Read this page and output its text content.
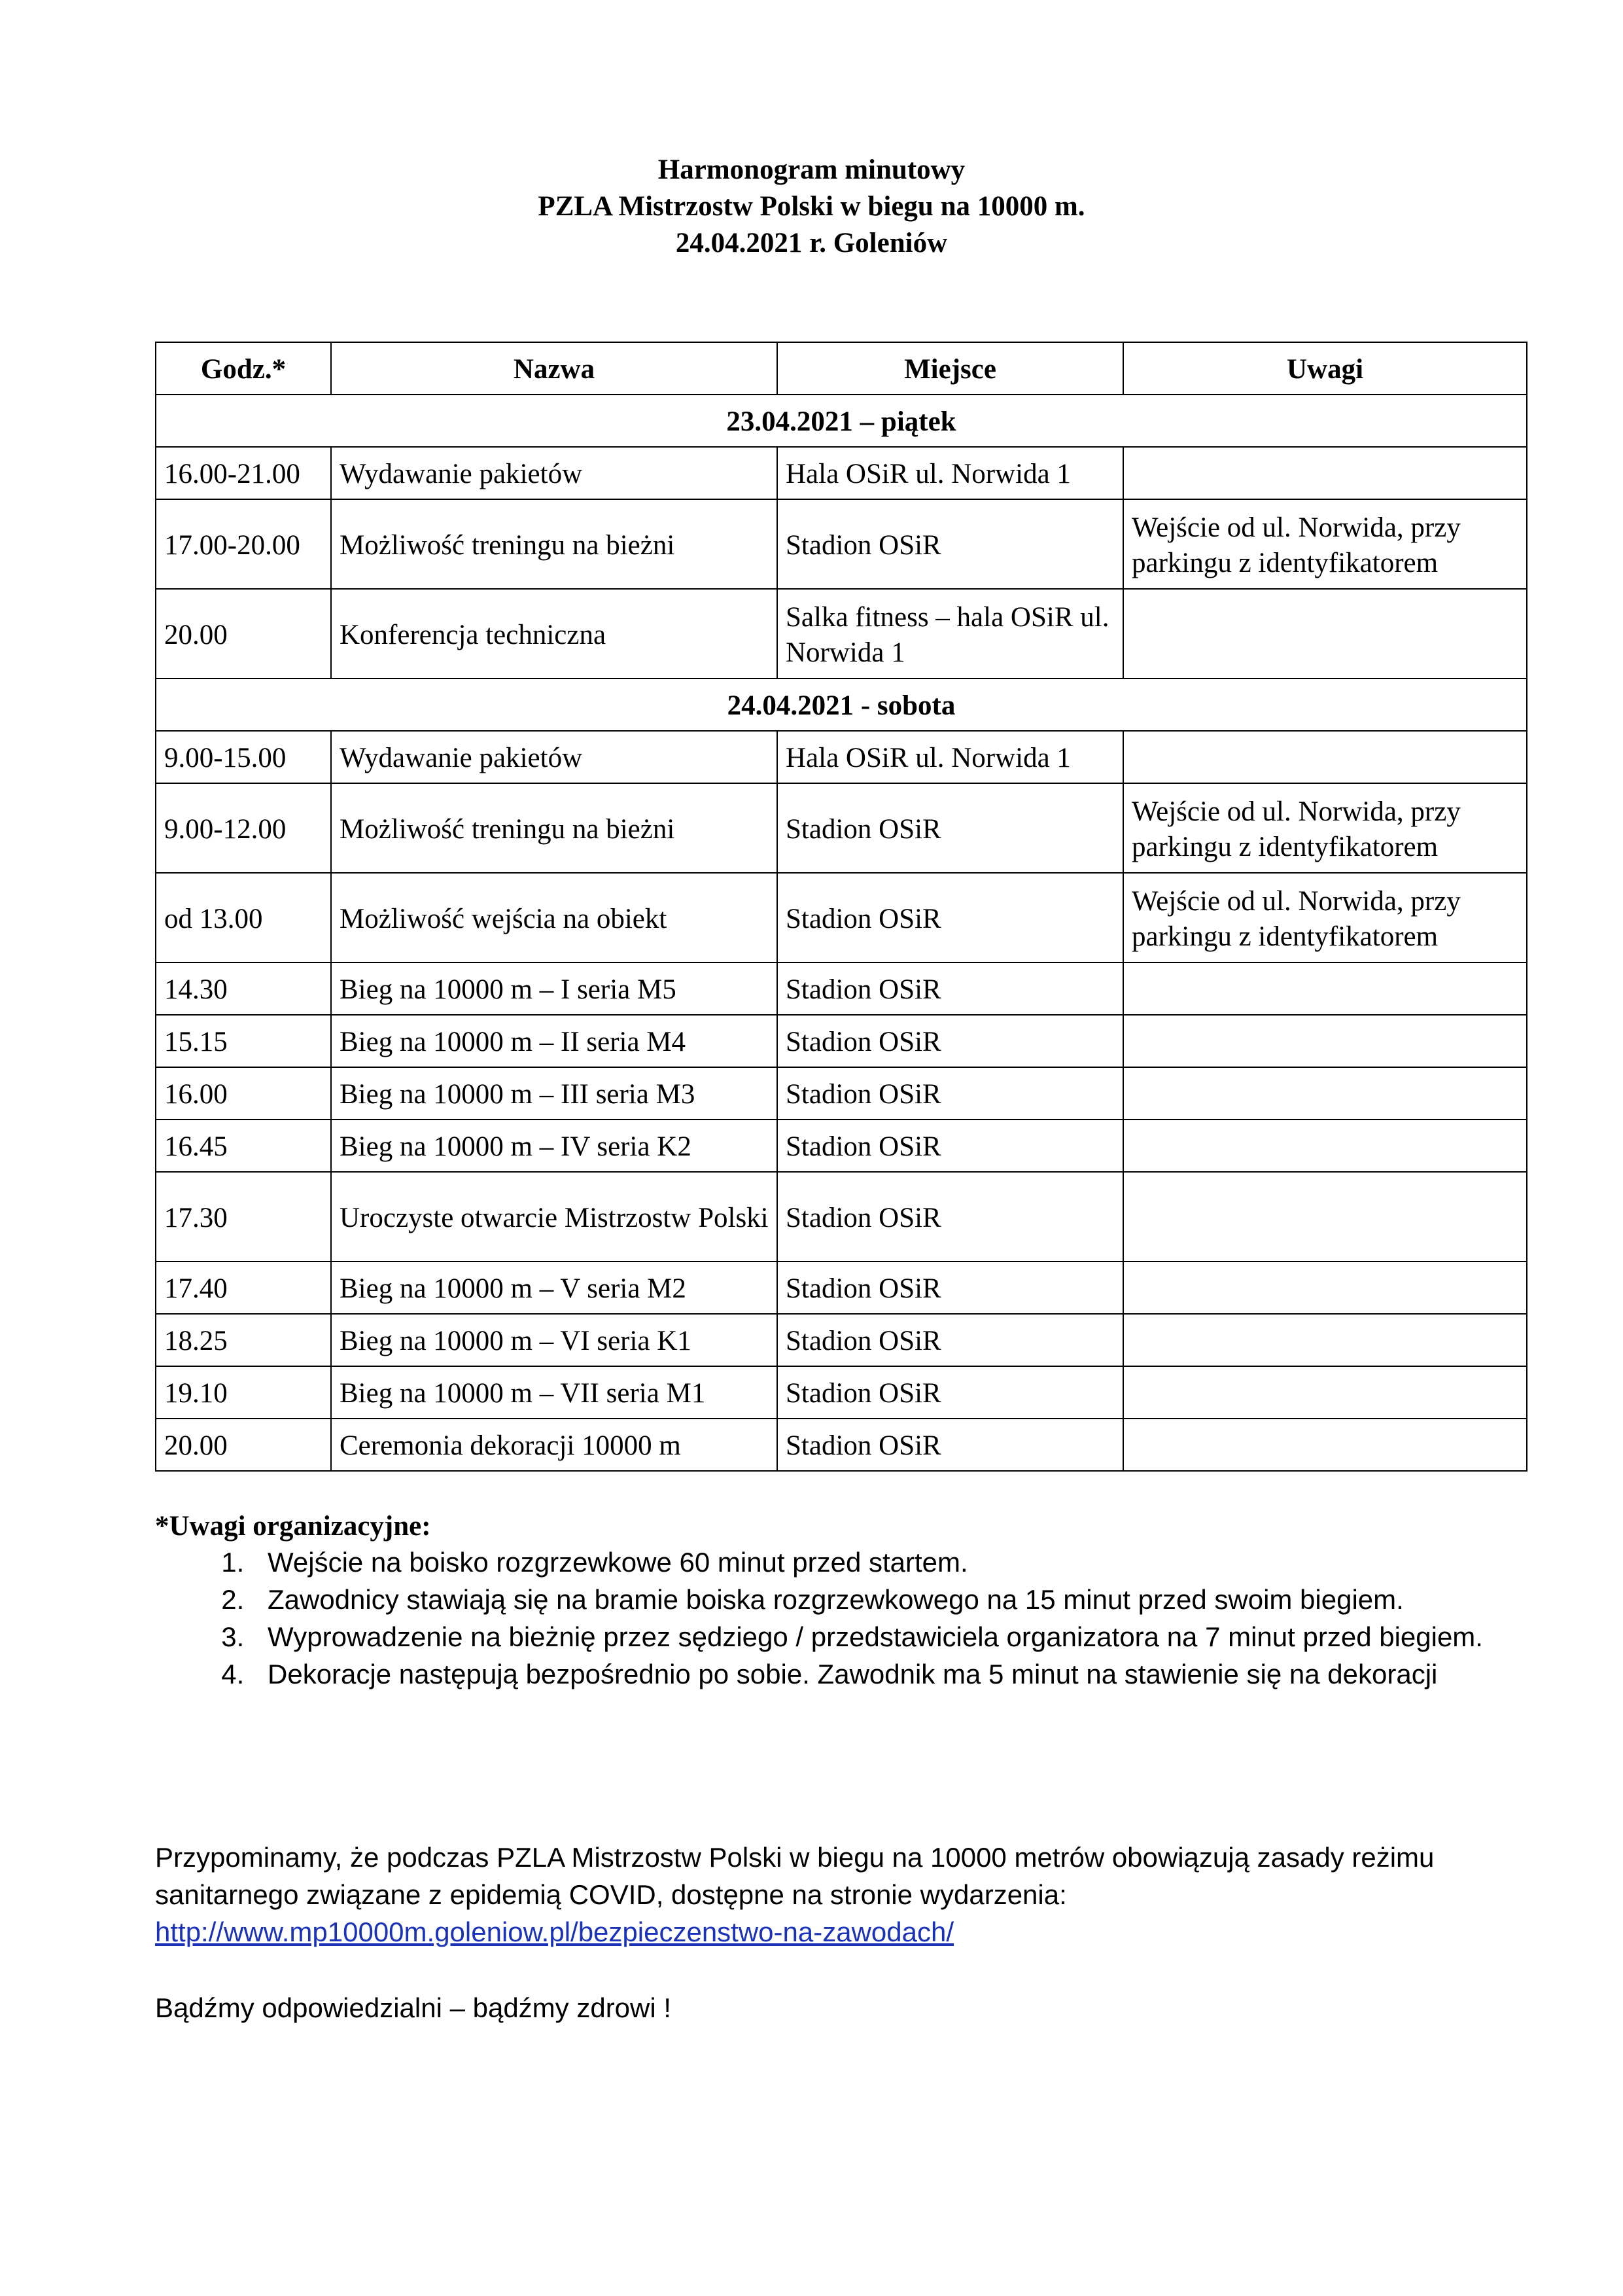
Harmonogram minutowy
PZLA Mistrzostw Polski w biegu na 10000 m.
24.04.2021 r. Goleniów
Godz.*	Nazwa	Miejsce	Uwagi
23.04.2021 – piątek			
16.00-21.00	Wydawanie pakietów	Hala OSiR ul. Norwida 1	
17.00-20.00	Możliwość treningu na bieżni	Stadion OSiR	Wejście od ul. Norwida, przy parkingu z identyfikatorem
20.00	Konferencja techniczna	Salka fitness – hala OSiR ul. Norwida 1	
24.04.2021 - sobota			
9.00-15.00	Wydawanie pakietów	Hala OSiR ul. Norwida 1	
9.00-12.00	Możliwość treningu na bieżni	Stadion OSiR	Wejście od ul. Norwida, przy parkingu z identyfikatorem
od 13.00	Możliwość wejścia na obiekt	Stadion OSiR	Wejście od ul. Norwida, przy parkingu z identyfikatorem
14.30	Bieg na 10000 m – I seria M5	Stadion OSiR	
15.15	Bieg na 10000 m – II seria M4	Stadion OSiR	
16.00	Bieg na 10000 m – III seria M3	Stadion OSiR	
16.45	Bieg na 10000 m – IV seria K2	Stadion OSiR	
17.30	Uroczyste otwarcie Mistrzostw Polski	Stadion OSiR	
17.40	Bieg na 10000 m – V seria M2	Stadion OSiR	
18.25	Bieg na 10000 m – VI seria K1	Stadion OSiR	
19.10	Bieg na 10000 m – VII seria M1	Stadion OSiR	
20.00	Ceremonia dekoracji 10000 m	Stadion OSiR	
*Uwagi organizacyjne:
1. Wejście na boisko rozgrzewkowe 60 minut przed startem.
2. Zawodnicy stawiają się na bramie boiska rozgrzewkowego na 15 minut przed swoim biegiem.
3. Wyprowadzenie na bieżnię przez sędziego / przedstawiciela organizatora na 7 minut przed biegiem.
4. Dekoracje następują bezpośrednio po sobie. Zawodnik ma 5 minut na stawienie się na dekoracji
Przypominamy, że podczas PZLA Mistrzostw Polski w biegu na 10000 metrów obowiązują zasady reżimu sanitarnego związane z epidemią COVID, dostępne na stronie wydarzenia:
http://www.mp10000m.goleniow.pl/bezpieczenstwo-na-zawodach/
Bądźmy odpowiedzialni – bądźmy zdrowi !
